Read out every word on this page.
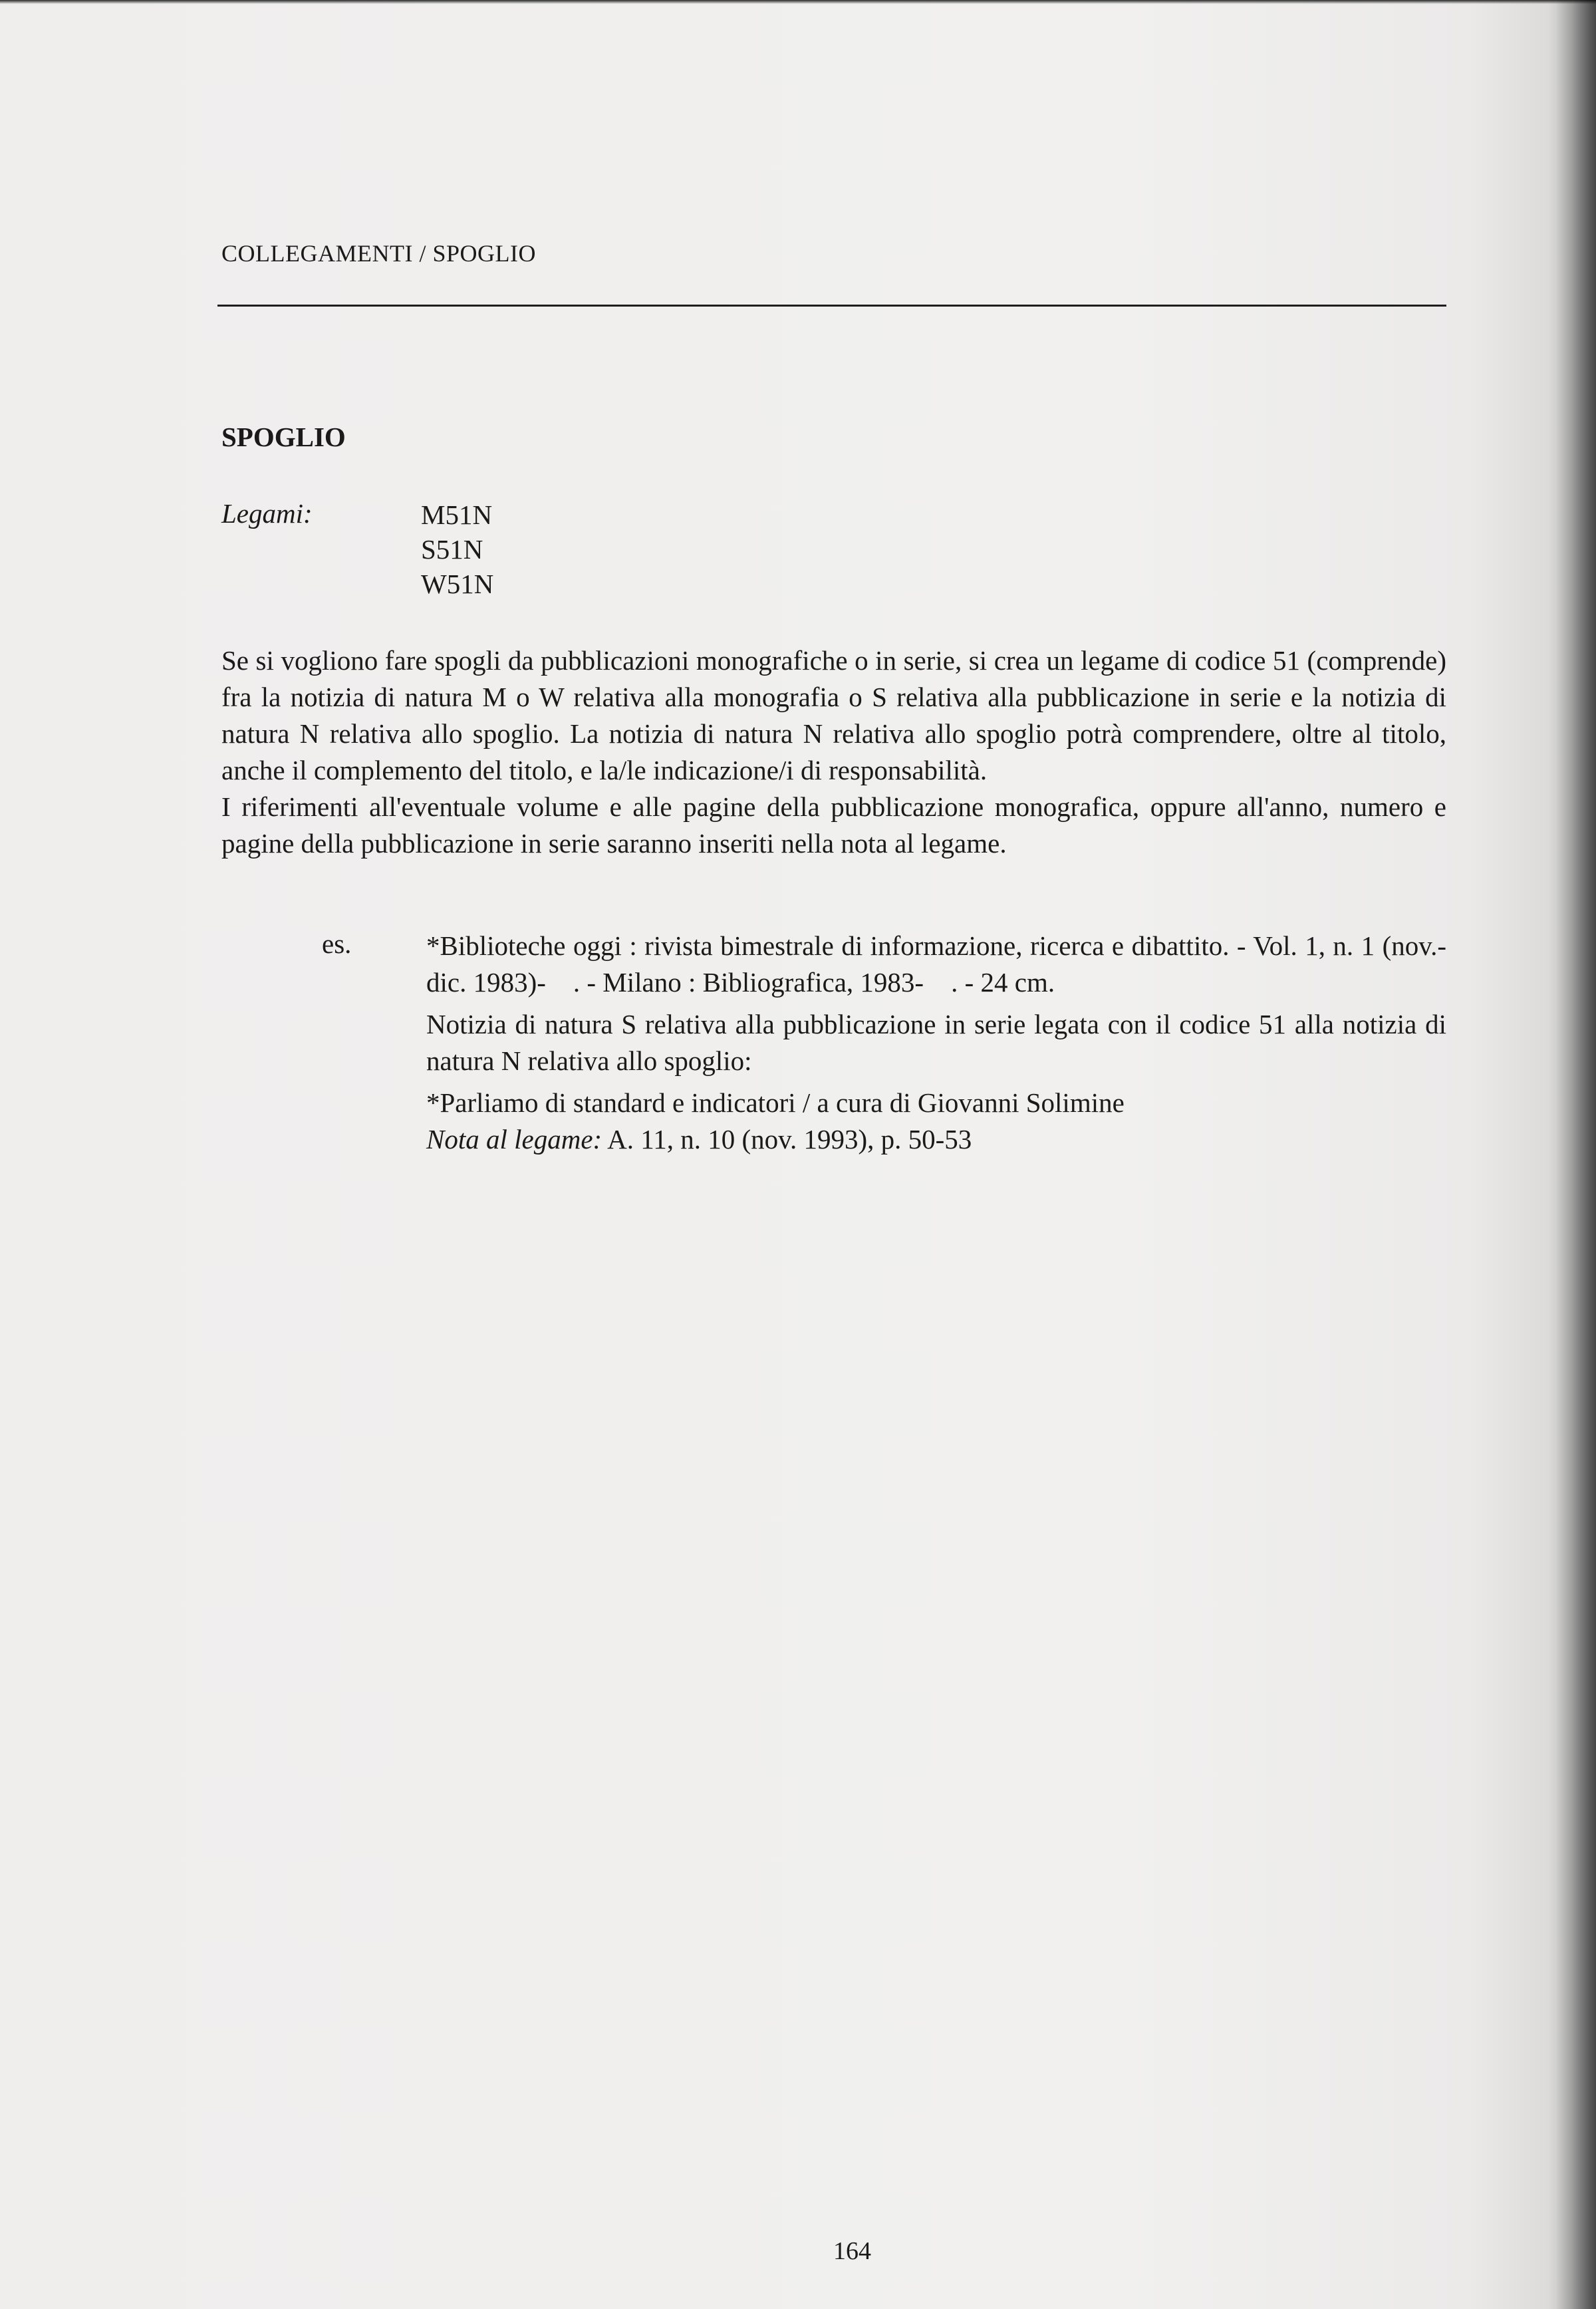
COLLEGAMENTI / SPOGLIO
SPOGLIO
Legami:	M51N
S51N
W51N

Se si vogliono fare spogli da pubblicazioni monografiche o in serie, si crea un legame di codice 51 (comprende) fra la notizia di natura M o W relativa alla monografia o S relativa alla pubblicazione in serie e la notizia di natura N relativa allo spoglio. La notizia di natura N relativa allo spoglio potrà comprendere, oltre al titolo, anche il complemento del titolo, e la/le indicazione/i di responsabilità.

I riferimenti all'eventuale volume e alle pagine della pubblicazione monografica, oppure all'anno, numero e pagine della pubblicazione in serie saranno inseriti nella nota al legame.

es.	*Biblioteche oggi : rivista bimestrale di informazione, ricerca e dibattito. - Vol. 1, n. 1 (nov.-dic. 1983)-    . - Milano : Bibliografica, 1983-    . - 24 cm.

Notizia di natura S relativa alla pubblicazione in serie legata con il codice 51 alla notizia di natura N relativa allo spoglio:

*Parliamo di standard e indicatori / a cura di Giovanni Solimine

Nota al legame: A. 11, n. 10 (nov. 1993), p. 50-53

164
